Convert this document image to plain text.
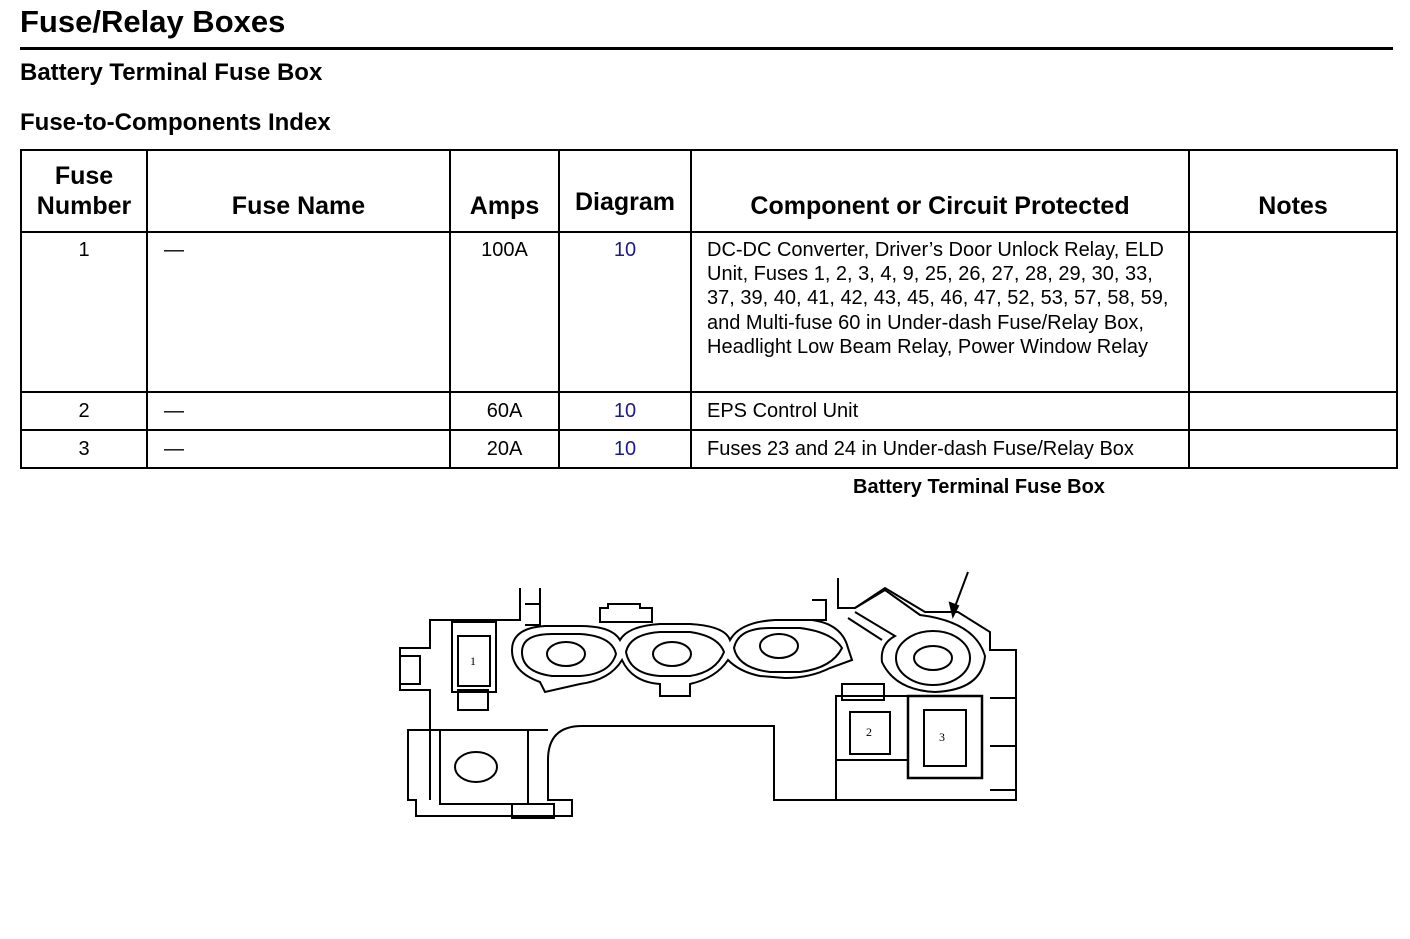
Fuse/Relay Boxes
Battery Terminal Fuse Box
Fuse-to-Components Index
Fuse
Number	Fuse Name	Amps	Diagram	Component or Circuit Protected	Notes
1	—	100A	10	DC-DC Converter, Driver’s Door Unlock Relay, ELD Unit, Fuses 1, 2, 3, 4, 9, 25, 26, 27, 28, 29, 30, 33, 37, 39, 40, 41, 42, 43, 45, 46, 47, 52, 53, 57, 58, 59, and Multi-fuse 60 in Under-dash Fuse/Relay Box, Headlight Low Beam Relay, Power Window Relay	
2	—	60A	10	EPS Control Unit	
3	—	20A	10	Fuses 23 and 24 in Under-dash Fuse/Relay Box	
Battery Terminal Fuse Box
1
2	3
